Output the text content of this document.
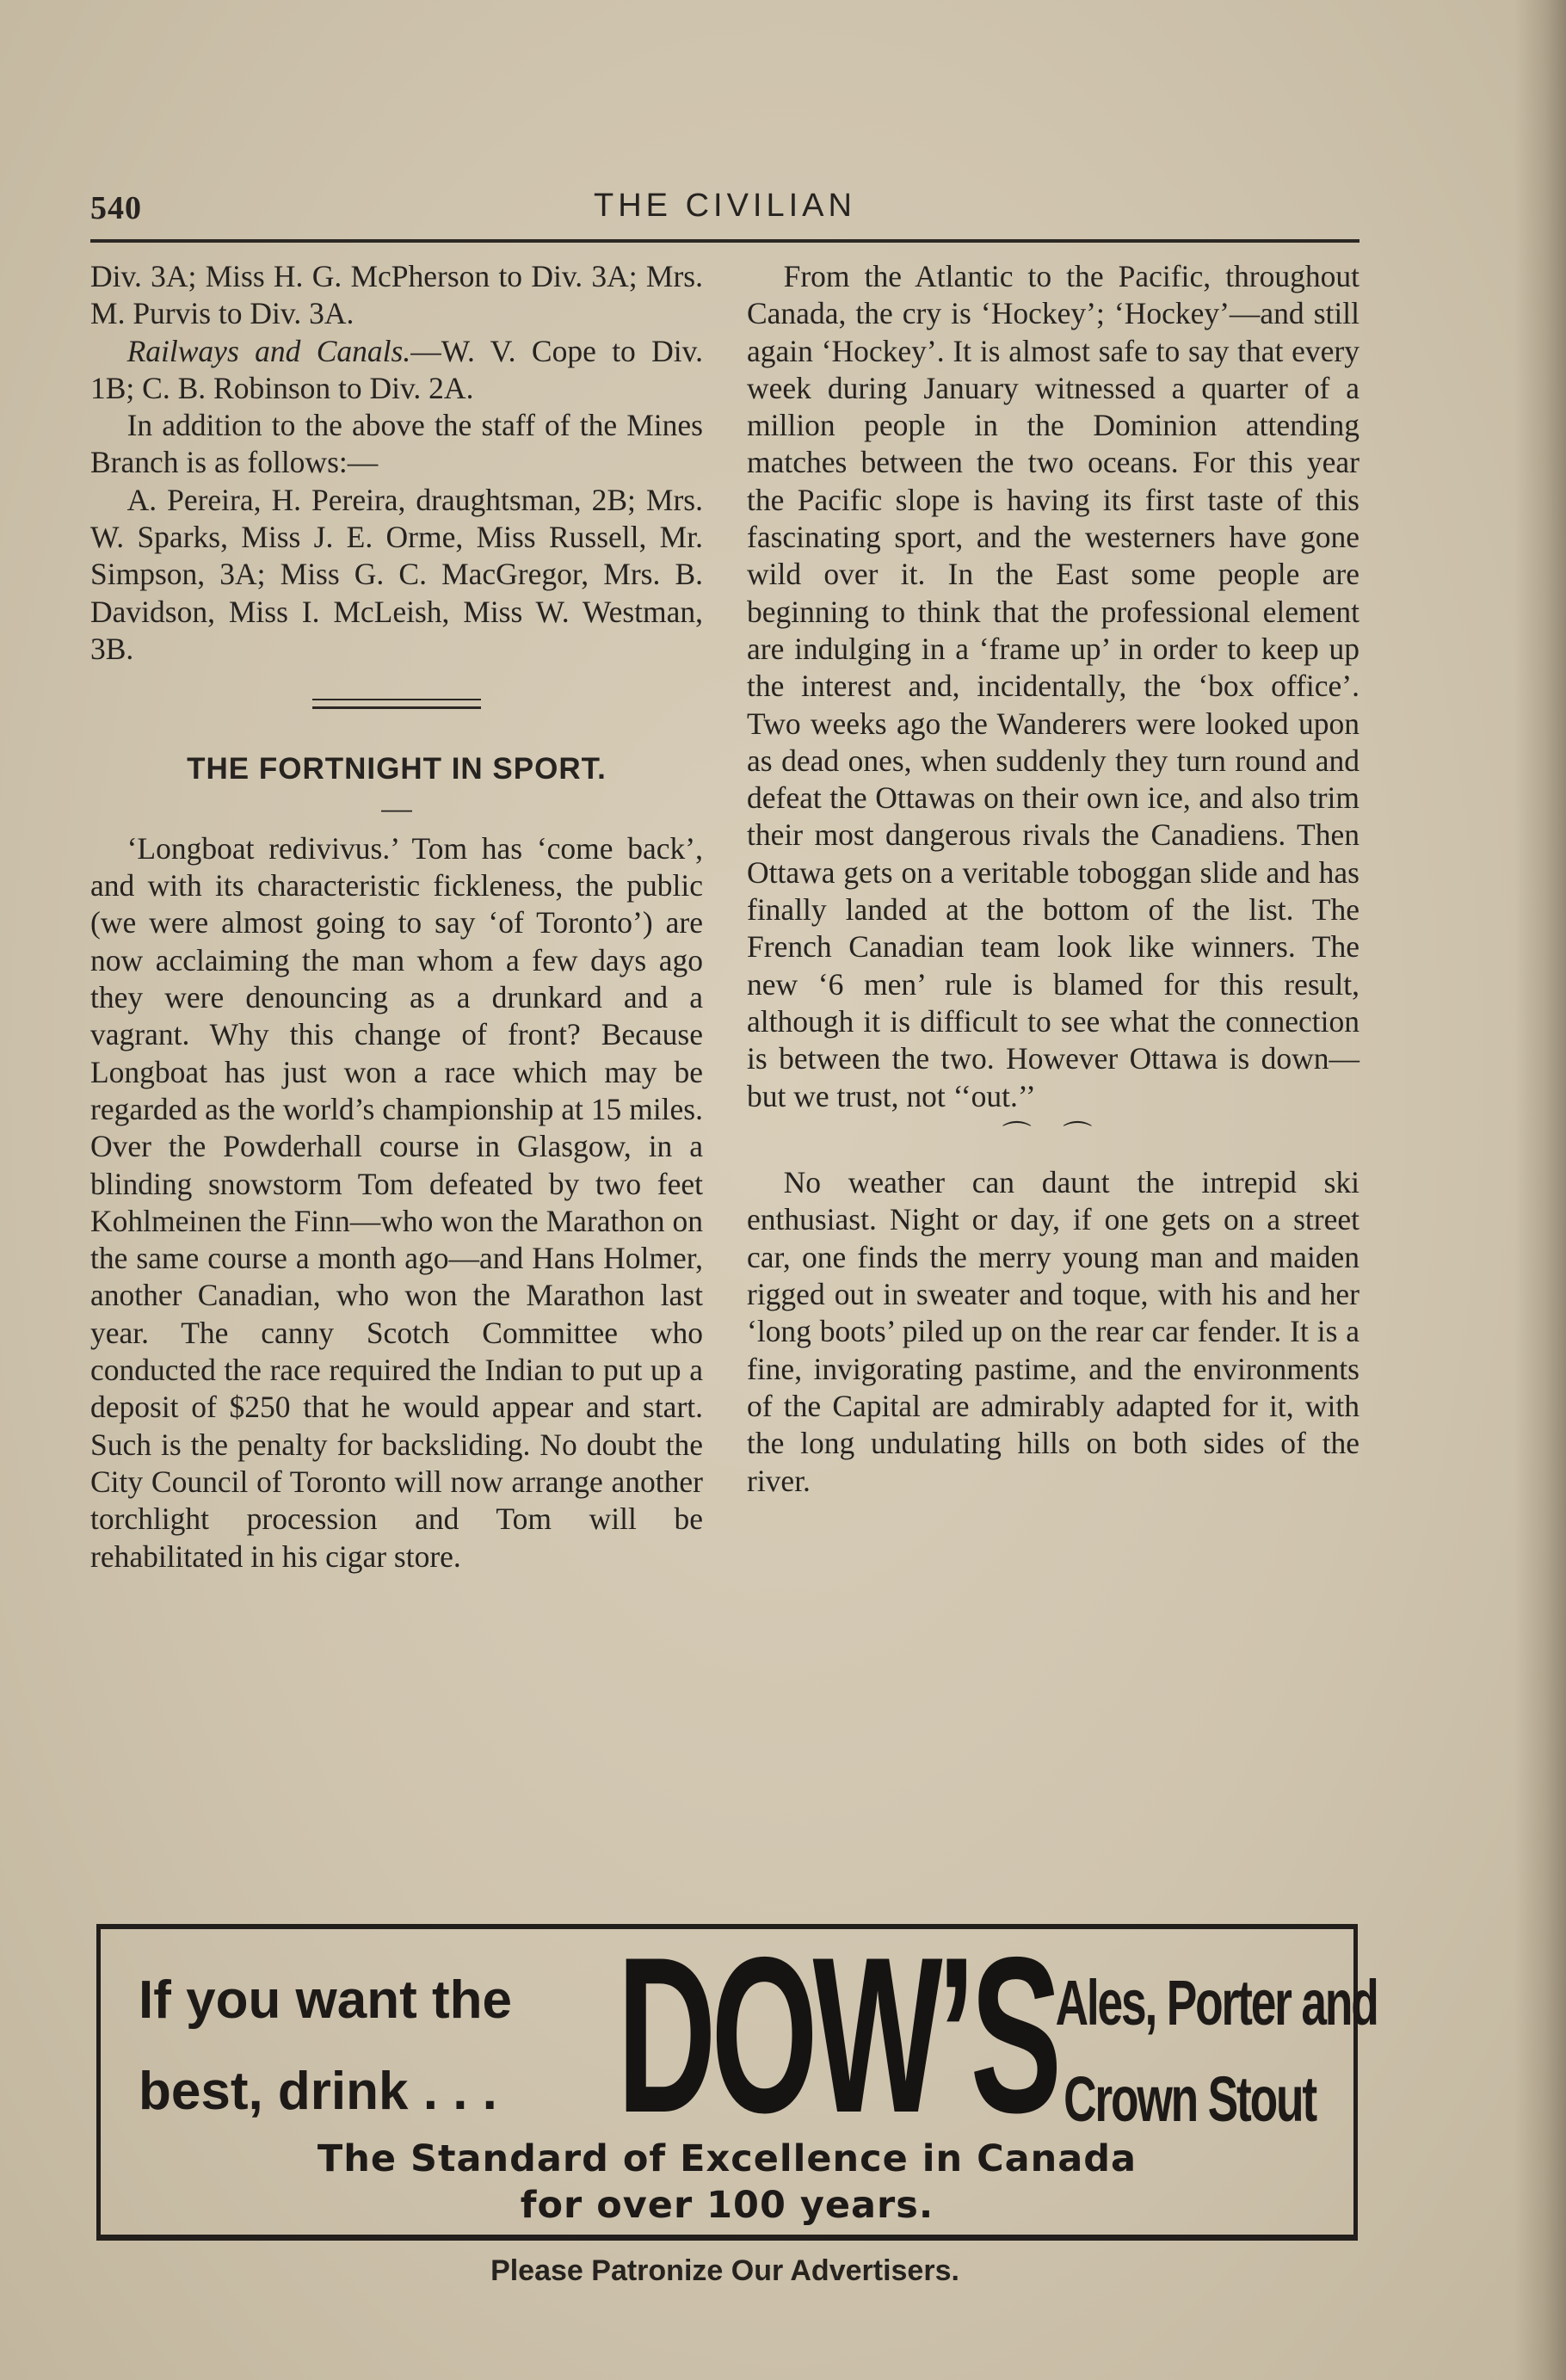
540	THE CIVILIAN

Div. 3A; Miss H. G. McPherson to Div. 3A; Mrs. M. Purvis to Div. 3A.

Railways and Canals.—W. V. Cope to Div. 1B; C. B. Robinson to Div. 2A.

In addition to the above the staff of the Mines Branch is as follows:—

A. Pereira, H. Pereira, draughtsman, 2B; Mrs. W. Sparks, Miss J. E. Orme, Miss Russell, Mr. Simpson, 3A; Miss G. C. MacGregor, Mrs. B. Davidson, Miss I. McLeish, Miss W. Westman, 3B.

THE FORTNIGHT IN SPORT.
—

‘Longboat redivivus.’ Tom has ‘come back’, and with its characteristic fickleness, the public (we were almost going to say ‘of Toronto’) are now acclaiming the man whom a few days ago they were denouncing as a drunkard and a vagrant. Why this change of front? Because Longboat has just won a race which may be regarded as the world’s championship at 15 miles. Over the Powderhall course in Glasgow, in a blinding snowstorm Tom defeated by two feet Kohlmeinen the Finn—who won the Marathon on the same course a month ago—and Hans Holmer, another Canadian, who won the Marathon last year. The canny Scotch Committee who conducted the race required the Indian to put up a deposit of $250 that he would appear and start. Such is the penalty for backsliding. No doubt the City Council of Toronto will now arrange another torchlight procession and Tom will be rehabilitated in his cigar store.

From the Atlantic to the Pacific, throughout Canada, the cry is ‘Hockey’; ‘Hockey’—and still again ‘Hockey’. It is almost safe to say that every week during January witnessed a quarter of a million people in the Dominion attending matches between the two oceans. For this year the Pacific slope is having its first taste of this fascinating sport, and the westerners have gone wild over it. In the East some people are beginning to think that the professional element are indulging in a ‘frame up’ in order to keep up the interest and, incidentally, the ‘box office’. Two weeks ago the Wanderers were looked upon as dead ones, when suddenly they turn round and defeat the Ottawas on their own ice, and also trim their most dangerous rivals the Canadiens. Then Ottawa gets on a veritable toboggan slide and has finally landed at the bottom of the list. The French Canadian team look like winners. The new ‘6 men’ rule is blamed for this result, although it is difficult to see what the connection is between the two. However Ottawa is down—but we trust, not ‘‘out.’’

⌒ ⌒

No weather can daunt the intrepid ski enthusiast. Night or day, if one gets on a street car, one finds the merry young man and maiden rigged out in sweater and toque, with his and her ‘long boots’ piled up on the rear car fender. It is a fine, invigorating pastime, and the environments of the Capital are admirably adapted for it, with the long undulating hills on both sides of the river.

If you want the
best, drink . . . DOW’S
Ales, Porter and
Crown Stout
The Standard of Excellence in Canada
for over 100 years.
Please Patronize Our Advertisers.
